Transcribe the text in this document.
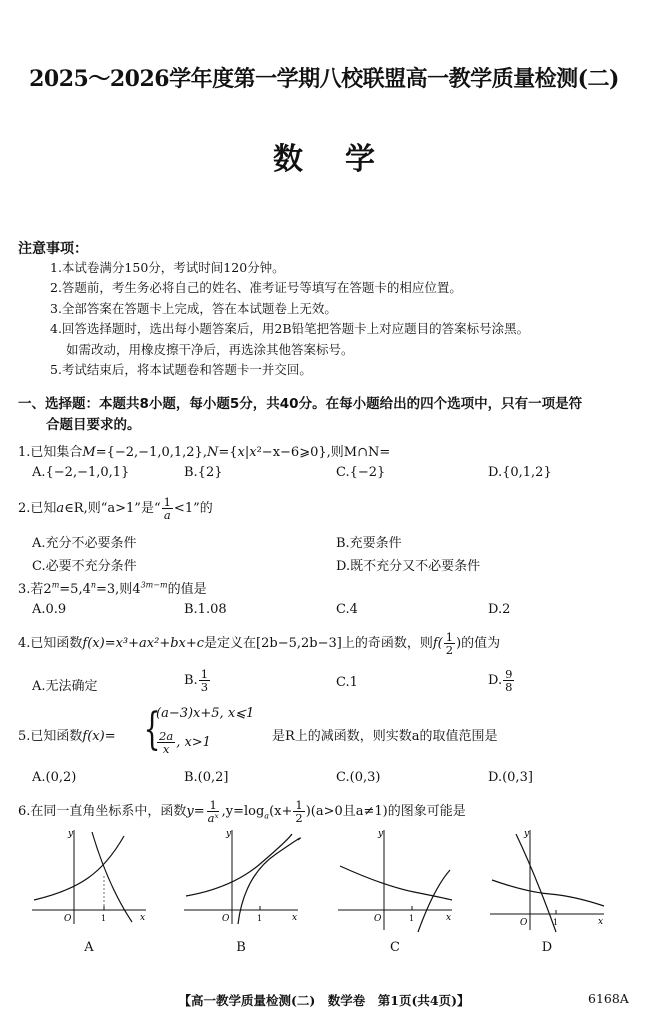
2025～2026学年度第一学期八校联盟高一教学质量检测(二)
数学
注意事项：
1.本试卷满分150分，考试时间120分钟。
2.答题前，考生务必将自己的姓名、准考证号等填写在答题卡的相应位置。
3.全部答案在答题卡上完成，答在本试题卷上无效。
4.回答选择题时，选出每小题答案后，用2B铅笔把答题卡上对应题目的答案标号涂黑。
如需改动，用橡皮擦干净后，再选涂其他答案标号。
5.考试结束后，将本试题卷和答题卡一并交回。
一、选择题：本题共8小题，每小题5分，共40分。在每小题给出的四个选项中，只有一项是符
合题目要求的。
1.已知集合M={−2,−1,0,1,2},N={x|x²−x−6⩾0},则M∩N=
A.{−2,−1,0,1}	B.{2}	C.{−2}	D.{0,1,2}
2.已知a∈R,则“a>1”是“ $\frac{1}{a} <1$”的
A.充分不必要条件	B.充要条件
C.必要不充分条件	D.既不充分又不必要条件
3.若$2^m=5,4^n=3$,则$4^{3m-m}$的值是
A.0.9	B.1.08	C.4	D.2
4.已知函数f(x)=x³+ax²+bx+c是定义在[2b−5,2b−3]上的奇函数，则$f( \frac{1}{2}$ )的值为
A.无法确定	B. $\frac{1}{3}$	C.1	D. $\frac{9}{8}$
5.已知函数f(x)= {
(a−3)x+5, x⩽1
$\frac{2a}{x}$ , x>1	是R上的减函数，则实数a的取值范围是
A.(0,2)	B.(0,2]	C.(0,3)	D.(0,3]
6.在同一直角坐标系中，函数$y= \frac{1}{\text{aˣ}} ,y=\log_a(x+ \frac{1}{2} )(a>0$且a≠1)的图象可能是
y
x
O	1
A
y
x
O	1
B
y
x
O	1
C
y
x
O	1
D
【高一教学质量检测(二)　数学卷　第1页(共4页)】	6168A
